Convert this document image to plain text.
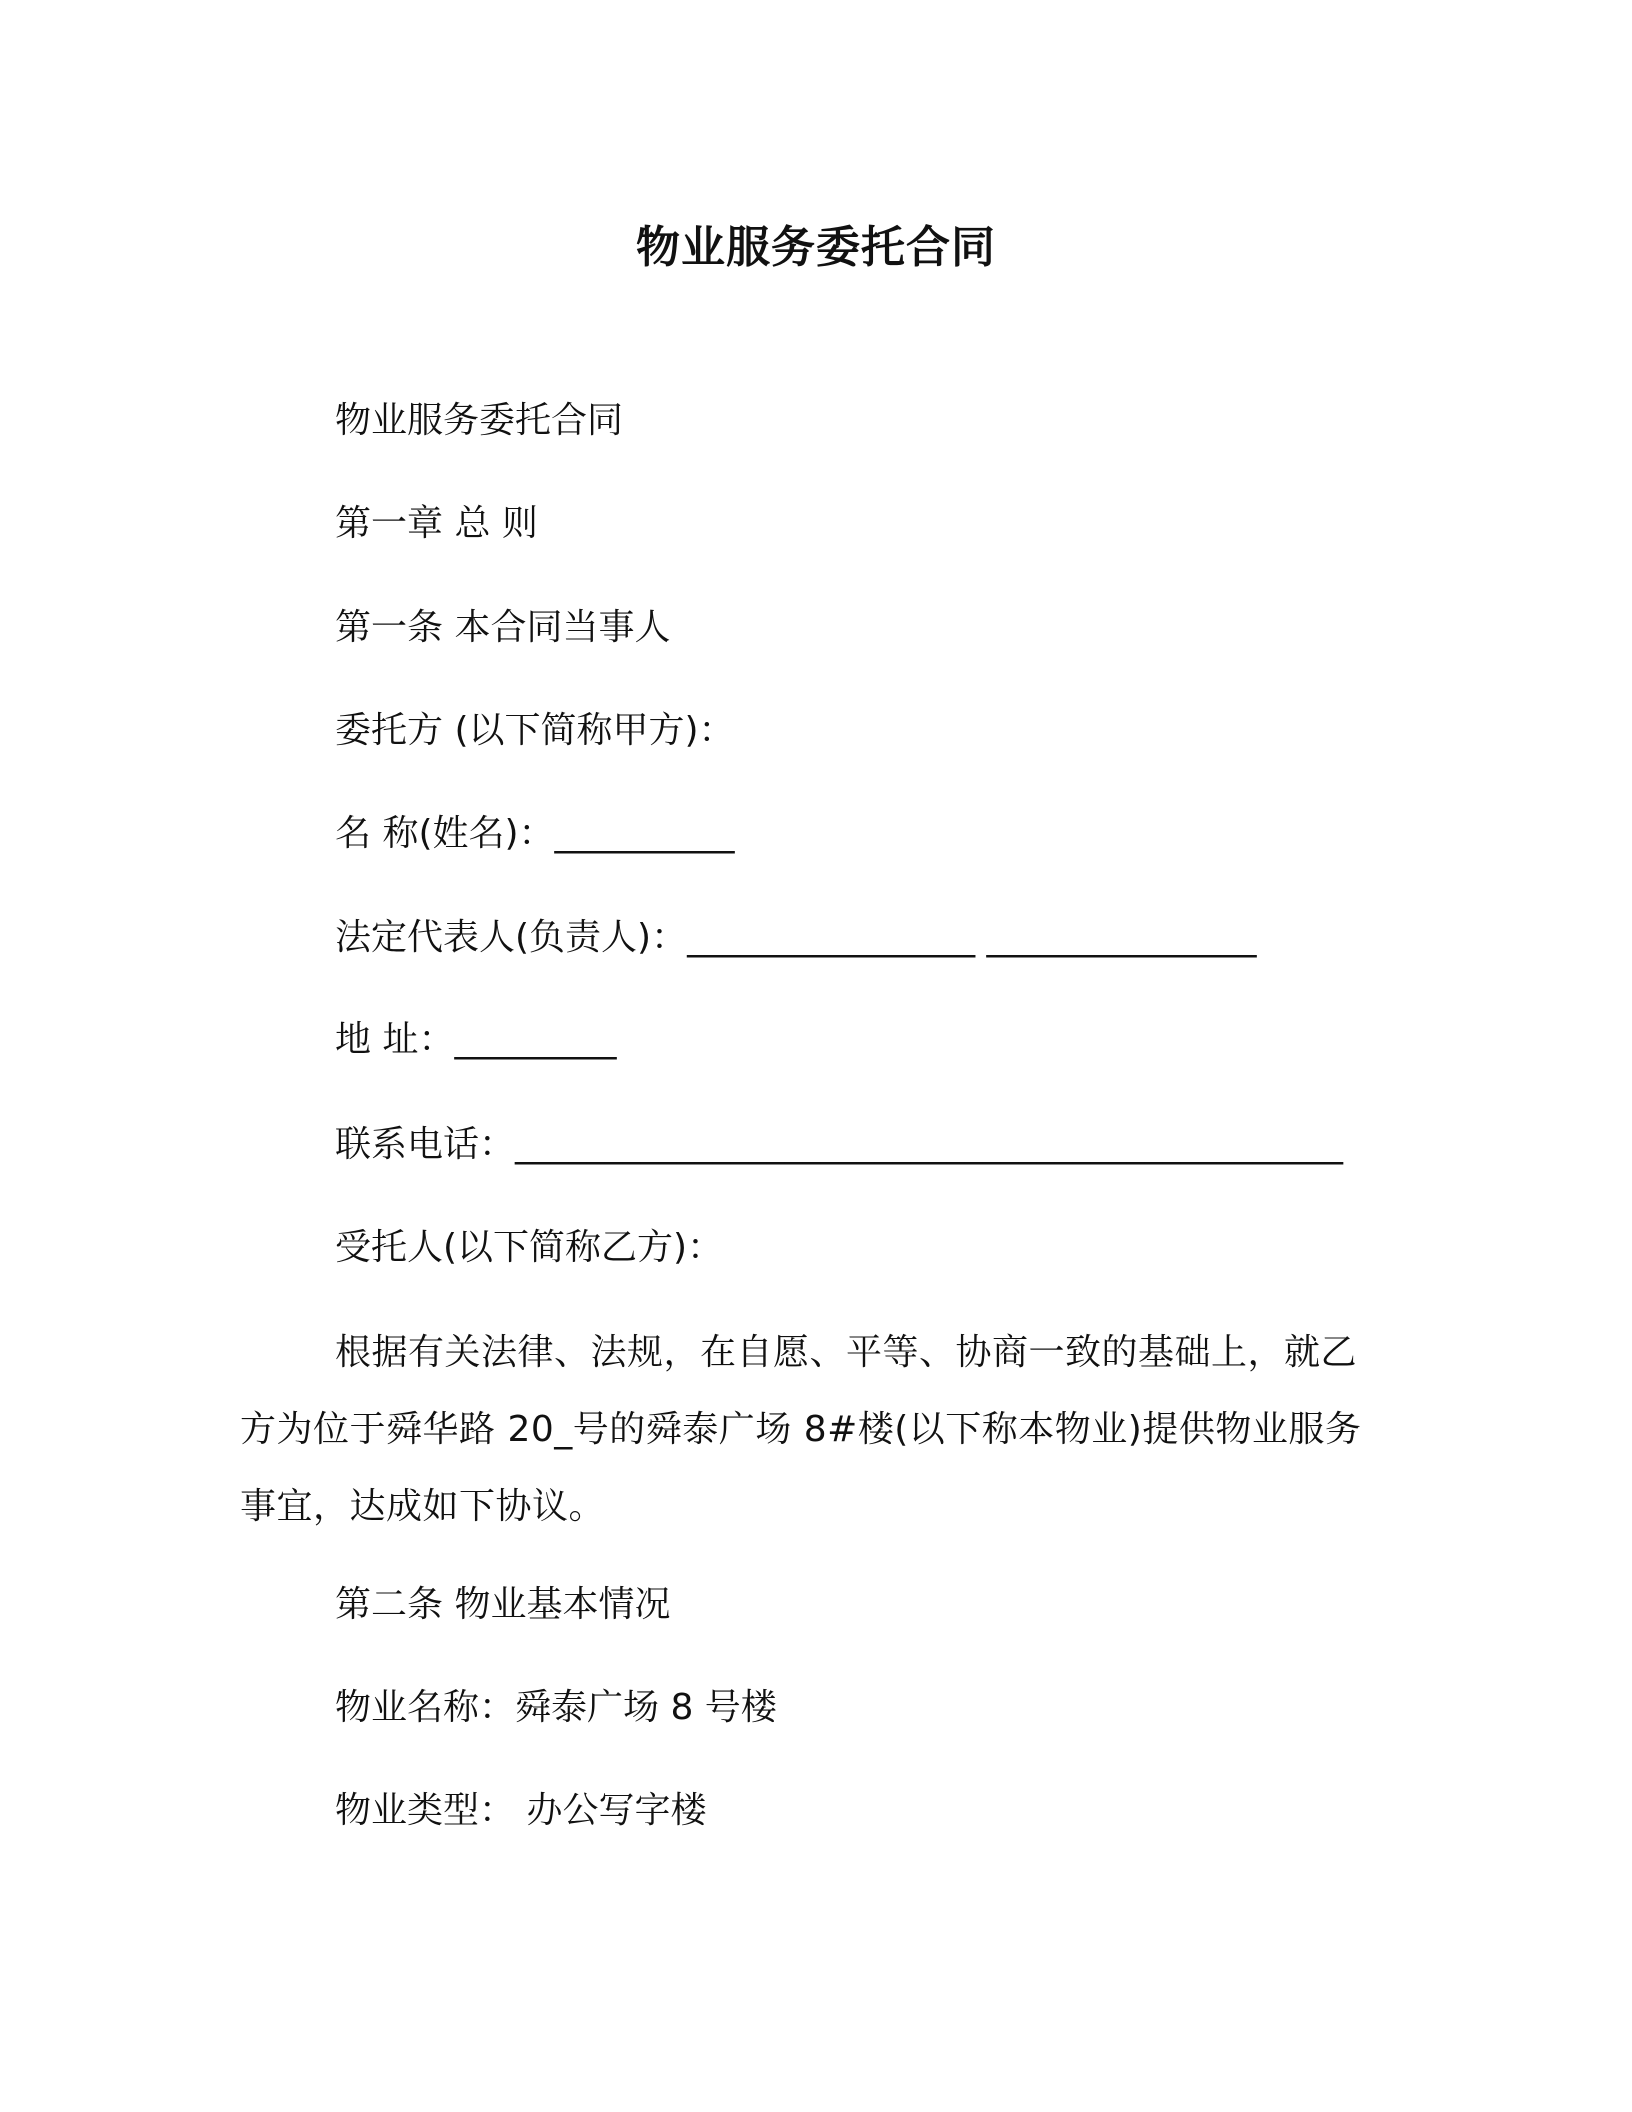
物业服务委托合同
物业服务委托合同
第一章 总 则
第一条 本合同当事人
委托方 (以下简称甲方)：
名 称(姓名)：__________
法定代表人(负责人)：________________ _______________
地 址：_________
联系电话：______________________________________________
受托人(以下简称乙方)：
根据有关法律、法规，在自愿、平等、协商一致的基础上，就乙方为位于舜华路 20_号的舜泰广场 8#楼(以下称本物业)提供物业服务事宜，达成如下协议。
第二条 物业基本情况
物业名称：舜泰广场 8 号楼
物业类型： 办公写字楼
